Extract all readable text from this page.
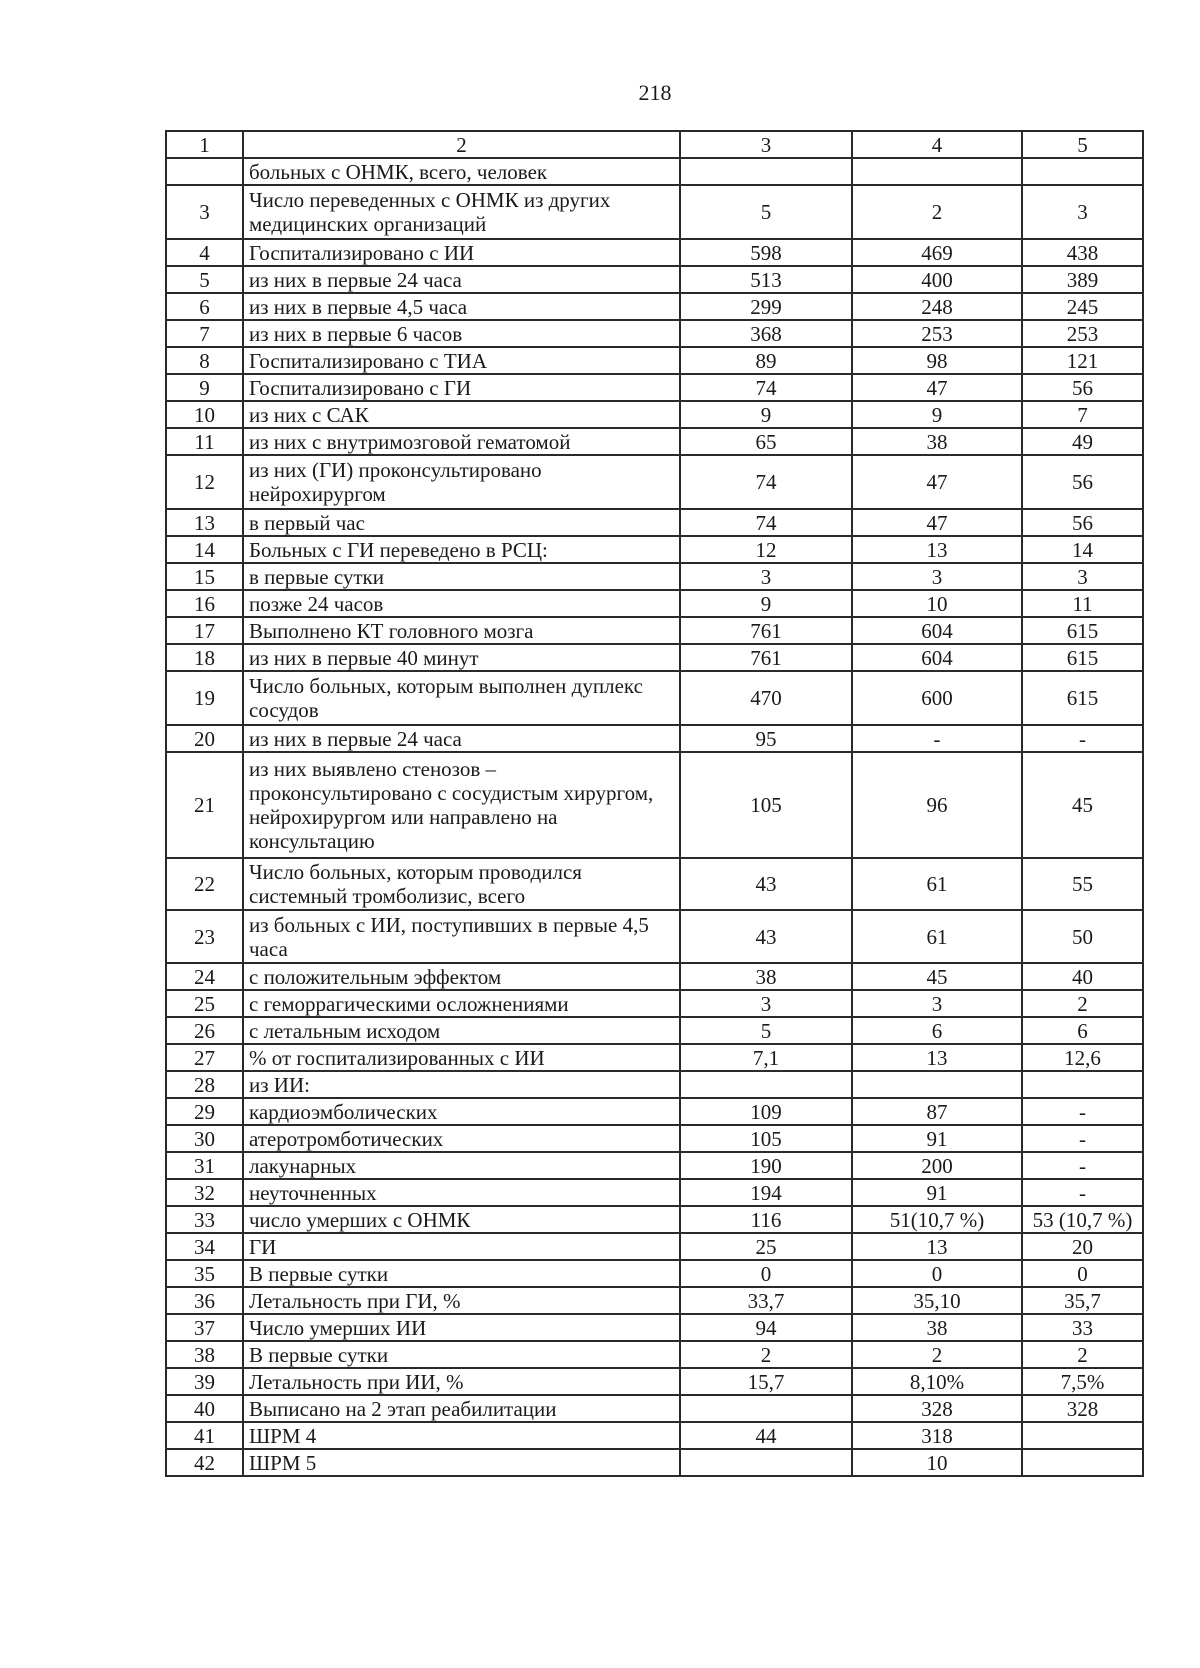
218
1	2	3	4	5
	больных с ОНМК, всего, человек			
3	Число переведенных с ОНМК из других медицинских организаций	5	2	3
4	Госпитализировано с ИИ	598	469	438
5	из них в первые 24 часа	513	400	389
6	из них в первые 4,5 часа	299	248	245
7	из них в первые 6 часов	368	253	253
8	Госпитализировано с ТИА	89	98	121
9	Госпитализировано с ГИ	74	47	56
10	из них с САК	9	9	7
11	из них с внутримозговой гематомой	65	38	49
12	из них (ГИ) проконсультировано нейрохирургом	74	47	56
13	в первый час	74	47	56
14	Больных с ГИ переведено в РСЦ:	12	13	14
15	в первые сутки	3	3	3
16	позже 24 часов	9	10	11
17	Выполнено КТ головного мозга	761	604	615
18	из них в первые 40 минут	761	604	615
19	Число больных, которым выполнен дуплекс сосудов	470	600	615
20	из них в первые 24 часа	95	-	-
21	из них выявлено стенозов – проконсультировано с сосудистым хирургом, нейрохирургом или направлено на консультацию	105	96	45
22	Число больных, которым проводился системный тромболизис, всего	43	61	55
23	из больных с ИИ, поступивших в первые 4,5 часа	43	61	50
24	с положительным эффектом	38	45	40
25	с геморрагическими осложнениями	3	3	2
26	с летальным исходом	5	6	6
27	% от госпитализированных с ИИ	7,1	13	12,6
28	из ИИ:			
29	кардиоэмболических	109	87	-
30	атеротромботических	105	91	-
31	лакунарных	190	200	-
32	неуточненных	194	91	-
33	число умерших с ОНМК	116	51(10,7 %)	53 (10,7 %)
34	ГИ	25	13	20
35	В первые сутки	0	0	0
36	Летальность при ГИ, %	33,7	35,10	35,7
37	Число умерших ИИ	94	38	33
38	В первые сутки	2	2	2
39	Летальность при ИИ, %	15,7	8,10%	7,5%
40	Выписано на 2 этап реабилитации		328	328
41	ШРМ 4	44	318	
42	ШРМ 5		10	
